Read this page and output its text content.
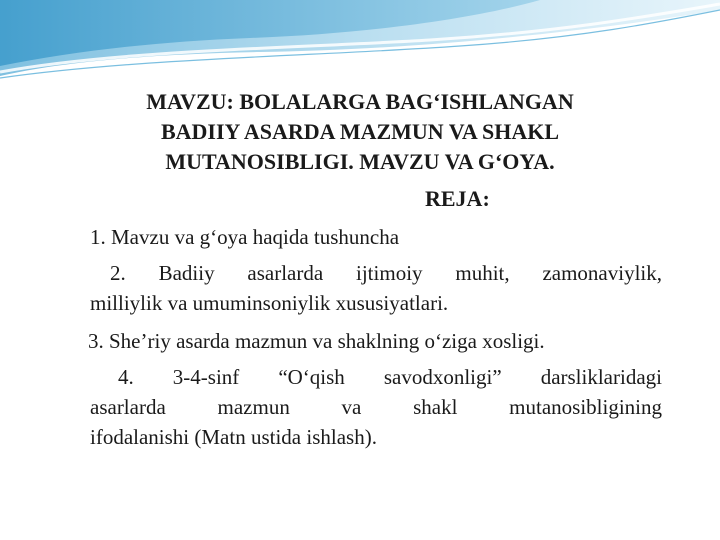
MAVZU: BOLALARGA BAG‘ISHLANGAN
BADIIY ASARDA MAZMUN VA SHAKL
MUTANOSIBLIGI. MAVZU VA G‘OYA.

REJA:

1. Mavzu va g‘oya haqida tushuncha

2. Badiiy asarlarda ijtimoiy muhit, zamonaviylik,
milliylik va umuminsoniylik xususiyatlari.

3. She’riy asarda mazmun va shaklning o‘ziga xosligi.

4. 3-4-sinf “O‘qish savodxonligi” darsliklaridagi
asarlarda mazmun va shakl mutanosibligining
ifodalanishi (Matn ustida ishlash).
